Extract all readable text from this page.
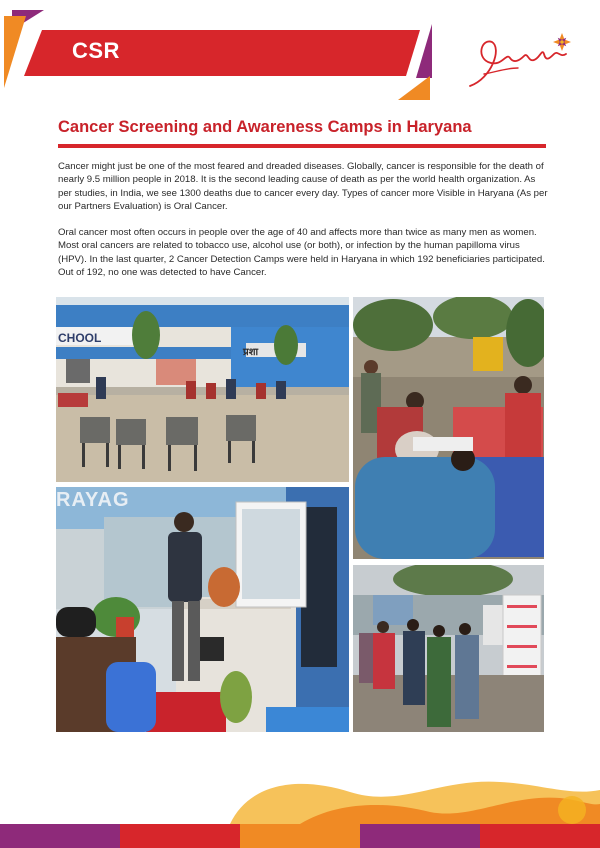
CSR
Cancer Screening and Awareness Camps in Haryana
Cancer might just be one of the most feared and dreaded diseases. Globally, cancer is responsible for the death of nearly 9.5 million people in 2018. It is the second leading cause of death as per the world health organization. As per studies, in India, we see 1300 deaths due to cancer every day. Types of cancer more Visible in Haryana (As per our Partners Evaluation) is Oral Cancer.
Oral cancer most often occurs in people over the age of 40 and affects more than twice as many men as women. Most oral cancers are related to tobacco use, alcohol use (or both), or infection by the human papilloma virus (HPV). In the last quarter, 2 Cancer Detection Camps were held in Haryana in which 192 beneficiaries participated. Out of 192, no one was detected to have Cancer.
CHOOL
प्रशा
RAYAG
